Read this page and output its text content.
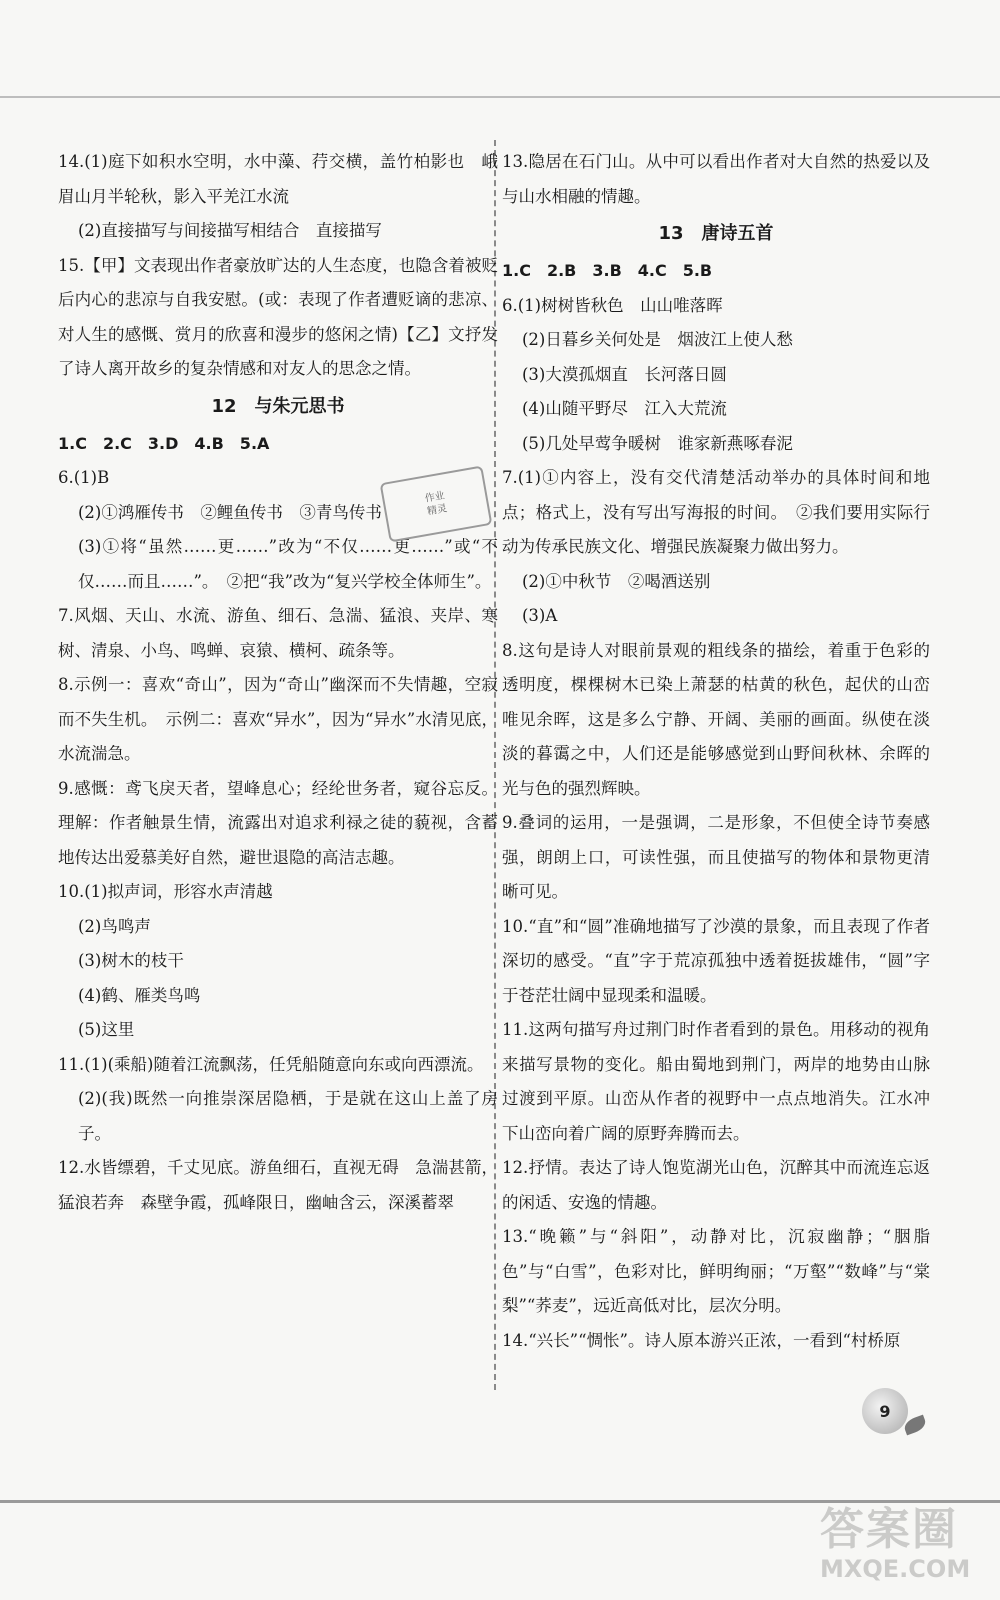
14.(1)庭下如积水空明，水中藻、荇交横，盖竹柏影也　峨眉山月半轮秋，影入平羌江水流

(2)直接描写与间接描写相结合　直接描写

15.【甲】文表现出作者豪放旷达的人生态度，也隐含着被贬后内心的悲凉与自我安慰。(或：表现了作者遭贬谪的悲凉、对人生的感慨、赏月的欣喜和漫步的悠闲之情)【乙】文抒发了诗人离开故乡的复杂情感和对友人的思念之情。

12　与朱元思书

1.C　2.C　3.D　4.B　5.A

6.(1)B

(2)①鸿雁传书　②鲤鱼传书　③青鸟传书

(3)①将“虽然……更……”改为“不仅……更……”或“不仅……而且……”。　②把“我”改为“复兴学校全体师生”。

7.风烟、天山、水流、游鱼、细石、急湍、猛浪、夹岸、寒树、清泉、小鸟、鸣蝉、哀猿、横柯、疏条等。

8.示例一：喜欢“奇山”，因为“奇山”幽深而不失情趣，空寂而不失生机。　示例二：喜欢“异水”，因为“异水”水清见底，水流湍急。

9.感慨：鸢飞戾天者，望峰息心；经纶世务者，窥谷忘反。理解：作者触景生情，流露出对追求利禄之徒的藐视，含蓄地传达出爱慕美好自然，避世退隐的高洁志趣。

10.(1)拟声词，形容水声清越

(2)鸟鸣声

(3)树木的枝干

(4)鹤、雁类鸟鸣

(5)这里

11.(1)(乘船)随着江流飘荡，任凭船随意向东或向西漂流。

(2)(我)既然一向推崇深居隐栖，于是就在这山上盖了房子。

12.水皆缥碧，千丈见底。游鱼细石，直视无碍　急湍甚箭，猛浪若奔　森壁争霞，孤峰限日，幽岫含云，深溪蓄翠

13.隐居在石门山。从中可以看出作者对大自然的热爱以及与山水相融的情趣。

13　唐诗五首

1.C　2.B　3.B　4.C　5.B

6.(1)树树皆秋色　山山唯落晖

(2)日暮乡关何处是　烟波江上使人愁

(3)大漠孤烟直　长河落日圆

(4)山随平野尽　江入大荒流

(5)几处早莺争暖树　谁家新燕啄春泥

7.(1)①内容上，没有交代清楚活动举办的具体时间和地点；格式上，没有写出写海报的时间。　②我们要用实际行动为传承民族文化、增强民族凝聚力做出努力。

(2)①中秋节　②喝酒送别

(3)A

8.这句是诗人对眼前景观的粗线条的描绘，着重于色彩的透明度，棵棵树木已染上萧瑟的枯黄的秋色，起伏的山峦唯见余晖，这是多么宁静、开阔、美丽的画面。纵使在淡淡的暮霭之中，人们还是能够感觉到山野间秋林、余晖的光与色的强烈辉映。

9.叠词的运用，一是强调，二是形象，不但使全诗节奏感强，朗朗上口，可读性强，而且使描写的物体和景物更清晰可见。

10.“直”和“圆”准确地描写了沙漠的景象，而且表现了作者深切的感受。“直”字于荒凉孤独中透着挺拔雄伟，“圆”字于苍茫壮阔中显现柔和温暖。

11.这两句描写舟过荆门时作者看到的景色。用移动的视角来描写景物的变化。船由蜀地到荆门，两岸的地势由山脉过渡到平原。山峦从作者的视野中一点点地消失。江水冲下山峦向着广阔的原野奔腾而去。

12.抒情。表达了诗人饱览湖光山色，沉醉其中而流连忘返的闲适、安逸的情趣。

13.“晚籁”与“斜阳”，动静对比，沉寂幽静；“胭脂色”与“白雪”，色彩对比，鲜明绚丽；“万壑”“数峰”与“棠梨”“荞麦”，远近高低对比，层次分明。

14.“兴长”“惆怅”。诗人原本游兴正浓，一看到“村桥原

作业
精灵
9
答案圈
MXQE.COM
